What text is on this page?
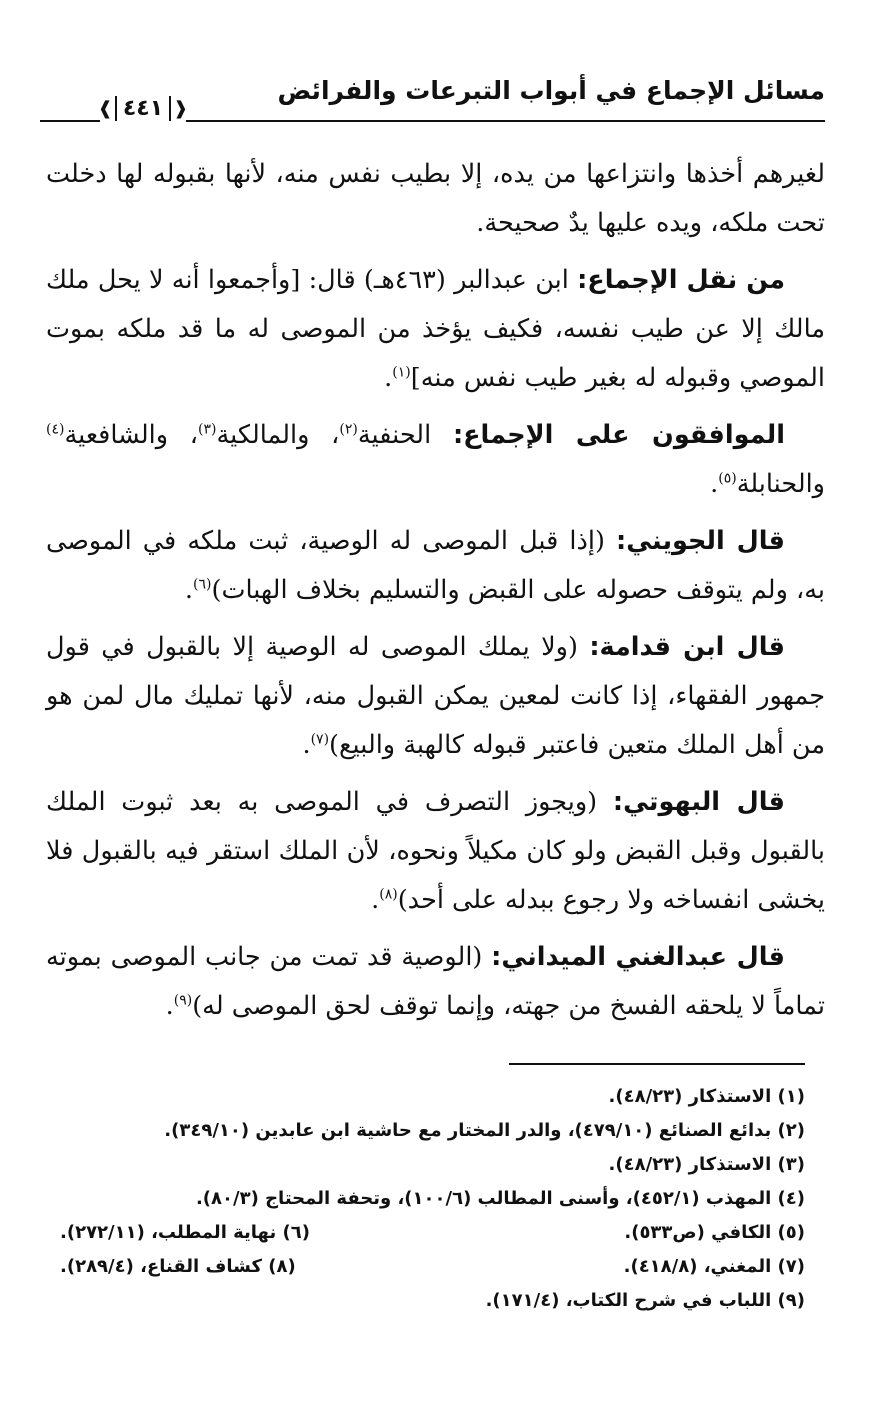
مسائل الإجماع في أبواب التبرعات والفرائض
❰
٤٤١
❱

لغيرهم أخذها وانتزاعها من يده، إلا بطيب نفس منه، لأنها بقبوله لها دخلت تحت ملكه، ويده عليها يدٌ صحيحة.

من نقل الإجماع: ابن عبدالبر (٤٦٣هـ) قال: [وأجمعوا أنه لا يحل ملك مالك إلا عن طيب نفسه، فكيف يؤخذ من الموصى له ما قد ملكه بموت الموصي وقبوله له بغير طيب نفس منه]$^{(١)}$.

الموافقون على الإجماع: الحنفية$^{(٢)}$، والمالكية$^{(٣)}$، والشافعية$^{(٤)}$ والحنابلة$^{(٥)}$.

قال الجويني: (إذا قبل الموصى له الوصية، ثبت ملكه في الموصى به، ولم يتوقف حصوله على القبض والتسليم بخلاف الهبات)$^{(٦)}$.

قال ابن قدامة: (ولا يملك الموصى له الوصية إلا بالقبول في قول جمهور الفقهاء، إذا كانت لمعين يمكن القبول منه، لأنها تمليك مال لمن هو من أهل الملك متعين فاعتبر قبوله كالهبة والبيع)$^{(٧)}$.

قال البهوتي: (ويجوز التصرف في الموصى به بعد ثبوت الملك بالقبول وقبل القبض ولو كان مكيلاً ونحوه، لأن الملك استقر فيه بالقبول فلا يخشى انفساخه ولا رجوع ببدله على أحد)$^{(٨)}$.

قال عبدالغني الميداني: (الوصية قد تمت من جانب الموصى بموته تماماً لا يلحقه الفسخ من جهته، وإنما توقف لحق الموصى له)$^{(٩)}$.

(١) الاستذكار (٤٨/٢٣).
(٢) بدائع الصنائع (٤٧٩/١٠)، والدر المختار مع حاشية ابن عابدين (٣٤٩/١٠).
(٣) الاستذكار (٤٨/٢٣).
(٤) المهذب (٤٥٢/١)، وأسنى المطالب (١٠٠/٦)، وتحفة المحتاج (٨٠/٣).
(٥) الكافي (ص٥٣٣).
(٦) نهاية المطلب، (٢٧٢/١١).
(٧) المغني، (٤١٨/٨).
(٨) كشاف القناع، (٢٨٩/٤).
(٩) اللباب في شرح الكتاب، (١٧١/٤).
